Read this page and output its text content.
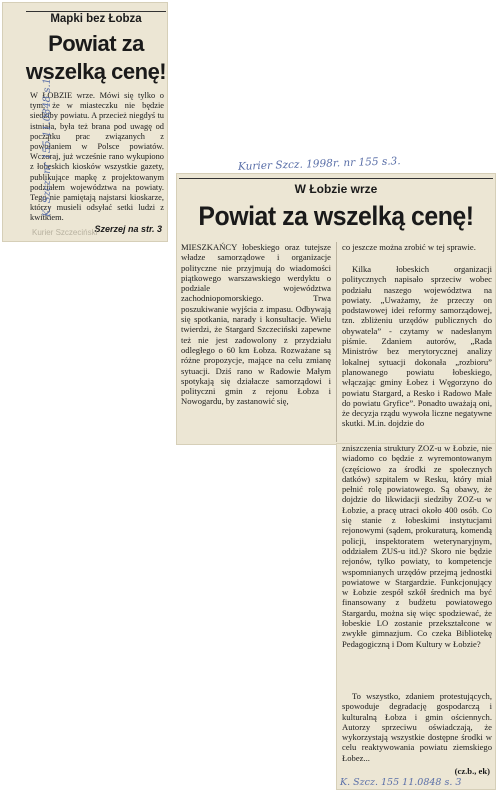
Mapki bez Łobza

Powiat za

wszelką cenę!

W ŁOBZIE wrze. Mówi się tylko o tym, że w miasteczku nie będzie siedziby powiatu. A przecież niegdyś tu istniała, była też brana pod uwagę od początku prac związanych z powołaniem w Polsce powiatów. Wczoraj, już wcześnie rano wykupiono z łobeskich kiosków wszystkie gazety, publikujące mapkę z projektowanym podziałem województwa na powiaty. Tego nie pamiętają najstarsi kioskarze, którzy musieli odsyłać setki ludzi z kwitkiem.

Szerzej na str. 3

K. Szcz. nr 155 11.0848 s.1
Kurier Szczeciński
Kurier Szcz. 1998r. nr 155 s.3.

W Łobzie wrze

Powiat za wszelką cenę!

MIESZKAŃCY łobeskiego oraz tutejsze władze samorządowe i organizacje polityczne nie przyjmują do wiadomości piątkowego warszawskiego werdyktu o podziale województwa zachodniopomorskiego. Trwa poszukiwanie wyjścia z impasu. Odbywają się spotkania, narady i konsultacje. Wielu twierdzi, że Stargard Szczeciński zapewne też nie jest zadowolony z przydziału odległego o 60 km Łobza. Rozważane są różne propozycje, mające na celu zmianę sytuacji. Dziś rano w Radowie Małym spotykają się działacze samorządowi i polityczni gmin z rejonu Łobza i Nowogardu, by zastanowić się,

co jeszcze można zrobić w tej sprawie.

Kilka łobeskich organizacji politycznych napisało sprzeciw wobec podziału naszego województwa na powiaty. „Uważamy, że przeczy on podstawowej idei reformy samorządowej, tzn. zbliżeniu urzędów publicznych do obywatela” - czytamy w nadesłanym piśmie. Zdaniem autorów, „Rada Ministrów bez merytorycznej analizy lokalnej sytuacji dokonała „rozbioru” planowanego powiatu łobeskiego, włączając gminy Łobez i Węgorzyno do powiatu Stargard, a Resko i Radowo Małe do powiatu Gryfice”. Ponadto uważają oni, że decyzja rządu wywoła liczne negatywne skutki. M.in. dojdzie do

zniszczenia struktury ZOZ-u w Łobzie, nie wiadomo co będzie z wyremontowanym (częściowo za środki ze społecznych datków) szpitalem w Resku, który miał pełnić rolę powiatowego. Są obawy, że dojdzie do likwidacji siedziby ZOZ-u w Łobzie, a pracę utraci około 400 osób. Co się stanie z łobeskimi instytucjami rejonowymi (sądem, prokuraturą, komendą policji, inspektoratem weterynaryjnym, oddziałem ZUS-u itd.)? Skoro nie będzie rejonów, tylko powiaty, to kompetencje wspomnianych urzędów przejmą jednostki powiatowe w Stargardzie. Funkcjonujący w Łobzie zespół szkół średnich ma być finansowany z budżetu powiatowego Stargardu, można się więc spodziewać, że łobeskie LO zostanie przekształcone w zwykłe gimnazjum. Co czeka Bibliotekę Pedagogiczną i Dom Kultury w Łobzie?

To wszystko, zdaniem protestujących, spowoduje degradację gospodarczą i kulturalną Łobza i gmin ościennych. Autorzy sprzeciwu oświadczają, że wykorzystają wszystkie dostępne środki w celu reaktywowania powiatu ziemskiego Łobez...

(cz.b., ek)

K. Szcz. 155 11.0848 s. 3
